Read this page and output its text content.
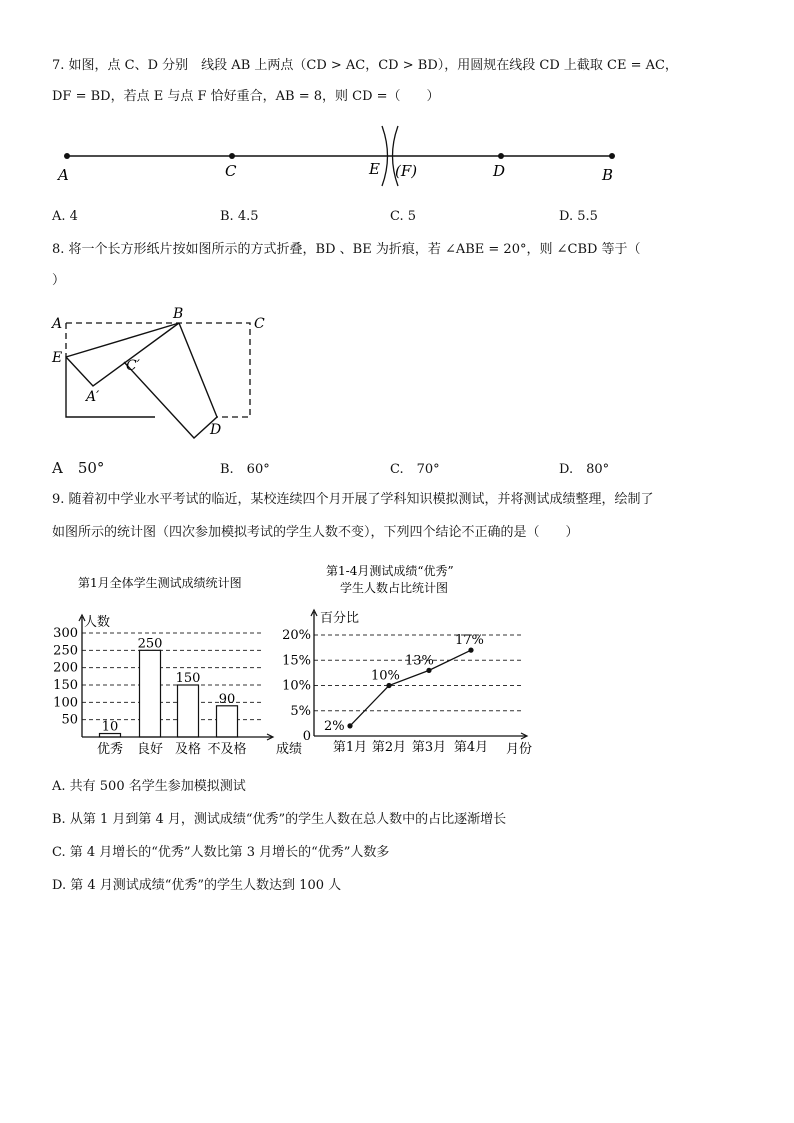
7. 如图，点 C、D 分别　线段 AB 上两点（CD > AC，CD > BD），用圆规在线段 CD 上截取 CE = AC，
DF = BD，若点 E 与点 F 恰好重合，AB = 8，则 CD =（　　）
A	C	E (F)	D	B
A. 4	B. 4.5	C. 5	D. 5.5
8. 将一个长方形纸片按如图所示的方式折叠，BD 、BE 为折痕，若 ∠ABE = 20°，则 ∠CBD 等于（
）
A
B
C
E	C′
A′
D
A　50°	B.　60°	C.　70°	D.　80°
9. 随着初中学业水平考试的临近，某校连续四个月开展了学科知识模拟测试，并将测试成绩整理，绘制了
如图所示的统计图（四次参加模拟考试的学生人数不变），下列四个结论不正确的是（　　）
第1月全体学生测试成绩统计图
人数
成绩
10
250
150
90
50
100
150
200
250
300
优秀 良好 及格 不及格
第1-4月测试成绩“优秀”
学生人数占比统计图
百分比
月份
2%
10%
13%
17%
0
5%
10%
15%
20%
第1月 第2月 第3月 第4月
A. 共有 500 名学生参加模拟测试
B. 从第 1 月到第 4 月，测试成绩“优秀”的学生人数在总人数中的占比逐渐增长
C. 第 4 月增长的“优秀”人数比第 3 月增长的“优秀”人数多
D. 第 4 月测试成绩“优秀”的学生人数达到 100 人
